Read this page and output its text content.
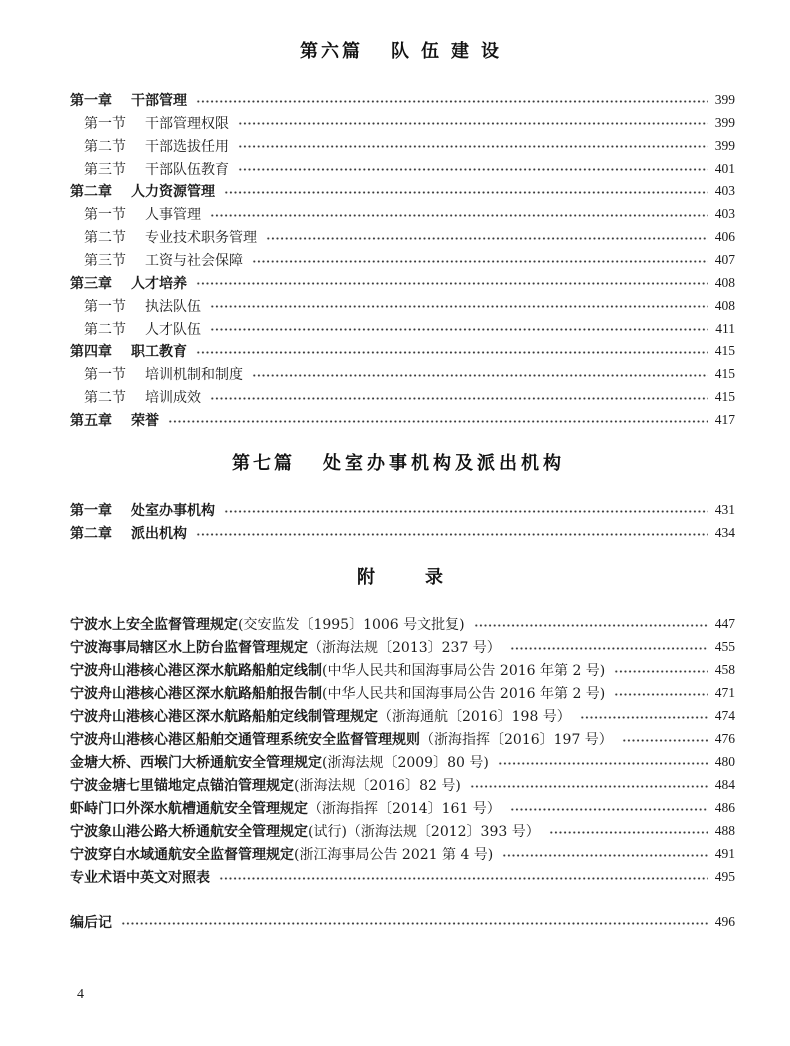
第六篇 队伍建设
第一章 干部管理	399
第一节 干部管理权限	399
第二节 干部选拔任用	399
第三节 干部队伍教育	401
第二章 人力资源管理	403
第一节 人事管理	403
第二节 专业技术职务管理	406
第三节 工资与社会保障	407
第三章 人才培养	408
第一节 执法队伍	408
第二节 人才队伍	411
第四章 职工教育	415
第一节 培训机制和制度	415
第二节 培训成效	415
第五章 荣誉	417
第七篇 处室办事机构及派出机构
第一章 处室办事机构	431
第二章 派出机构	434
附录
宁波水上安全监督管理规定 (交安监发〔1995〕1006 号文批复)	447
宁波海事局辖区水上防台监督管理规定 （浙海法规〔2013〕237 号）	455
宁波舟山港核心港区深水航路船舶定线制 (中华人民共和国海事局公告 2016 年第 2 号)	458
宁波舟山港核心港区深水航路船舶报告制 (中华人民共和国海事局公告 2016 年第 2 号)	471
宁波舟山港核心港区深水航路船舶定线制管理规定 （浙海通航〔2016〕198 号）	474
宁波舟山港核心港区船舶交通管理系统安全监督管理规则 （浙海指挥〔2016〕197 号）	476
金塘大桥、西堠门大桥通航安全管理规定 (浙海法规〔2009〕80 号)	480
宁波金塘七里锚地定点锚泊管理规定 (浙海法规〔2016〕82 号)	484
虾峙门口外深水航槽通航安全管理规定 （浙海指挥〔2014〕161 号）	486
宁波象山港公路大桥通航安全管理规定 (试行)（浙海法规〔2012〕393 号）	488
宁波穿白水域通航安全监督管理规定 (浙江海事局公告 2021 第 4 号)	491
专业术语中英文对照表	495
编后记	496
4
